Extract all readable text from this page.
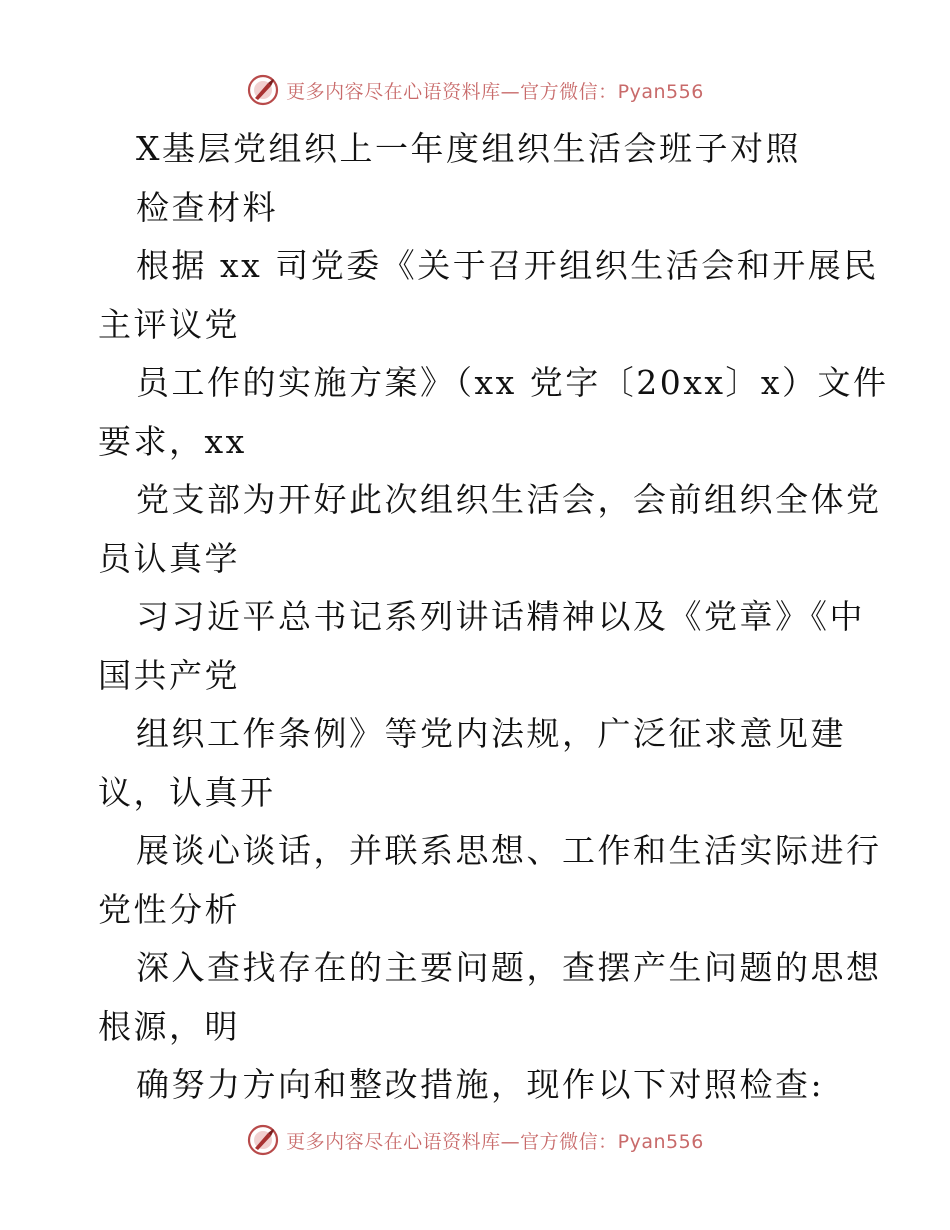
更多内容尽在心语资料库—官方微信：Pyan556
X基层党组织上一年度组织生活会班子对照
检查材料
根据 xx 司党委《关于召开组织生活会和开展民
主评议党
员工作的实施方案》（xx 党字〔20xx〕x）文件
要求，xx
党支部为开好此次组织生活会，会前组织全体党
员认真学
习习近平总书记系列讲话精神以及《党章》《中
国共产党
组织工作条例》等党内法规，广泛征求意见建
议，认真开
展谈心谈话，并联系思想、工作和生活实际进行
党性分析
深入查找存在的主要问题，查摆产生问题的思想
根源，明
确努力方向和整改措施，现作以下对照检查:
更多内容尽在心语资料库—官方微信：Pyan556
